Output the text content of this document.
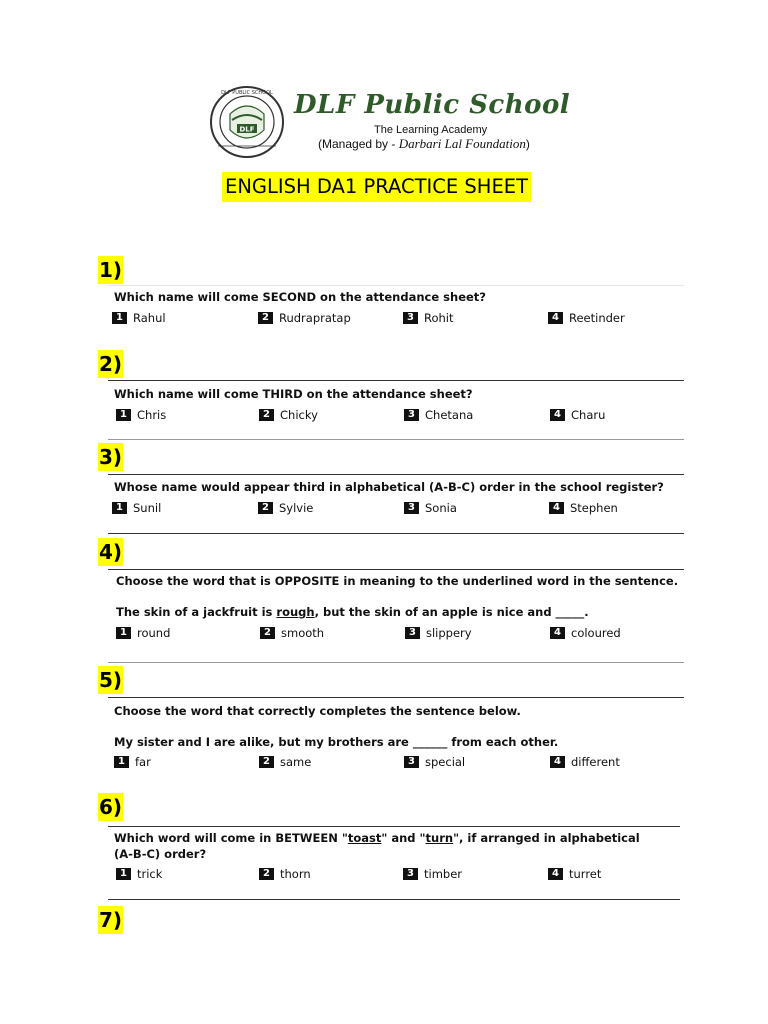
DLF
DLF PUBLIC SCHOOL DLF Public School
The Learning Academy
(Managed by - Darbari Lal Foundation)
ENGLISH DA1 PRACTICE SHEET
1)
Which name will come SECOND on the attendance sheet?
1 Rahul	2 Rudrapratap	3 Rohit	4 Reetinder
2)
Which name will come THIRD on the attendance sheet?
1 Chris	2 Chicky	3 Chetana	4 Charu
3)
Whose name would appear third in alphabetical (A-B-C) order in the school register?
1 Sunil	2 Sylvie	3 Sonia	4 Stephen
4)
Choose the word that is OPPOSITE in meaning to the underlined word in the sentence.
The skin of a jackfruit is rough, but the skin of an apple is nice and _____.
1 round	2 smooth	3 slippery	4 coloured
5)
Choose the word that correctly completes the sentence below.
My sister and I are alike, but my brothers are ______ from each other.
1 far	2 same	3 special	4 different
6)
Which word will come in BETWEEN "toast" and "turn", if arranged in alphabetical
(A-B-C) order?
1 trick	2 thorn	3 timber	4 turret
7)
